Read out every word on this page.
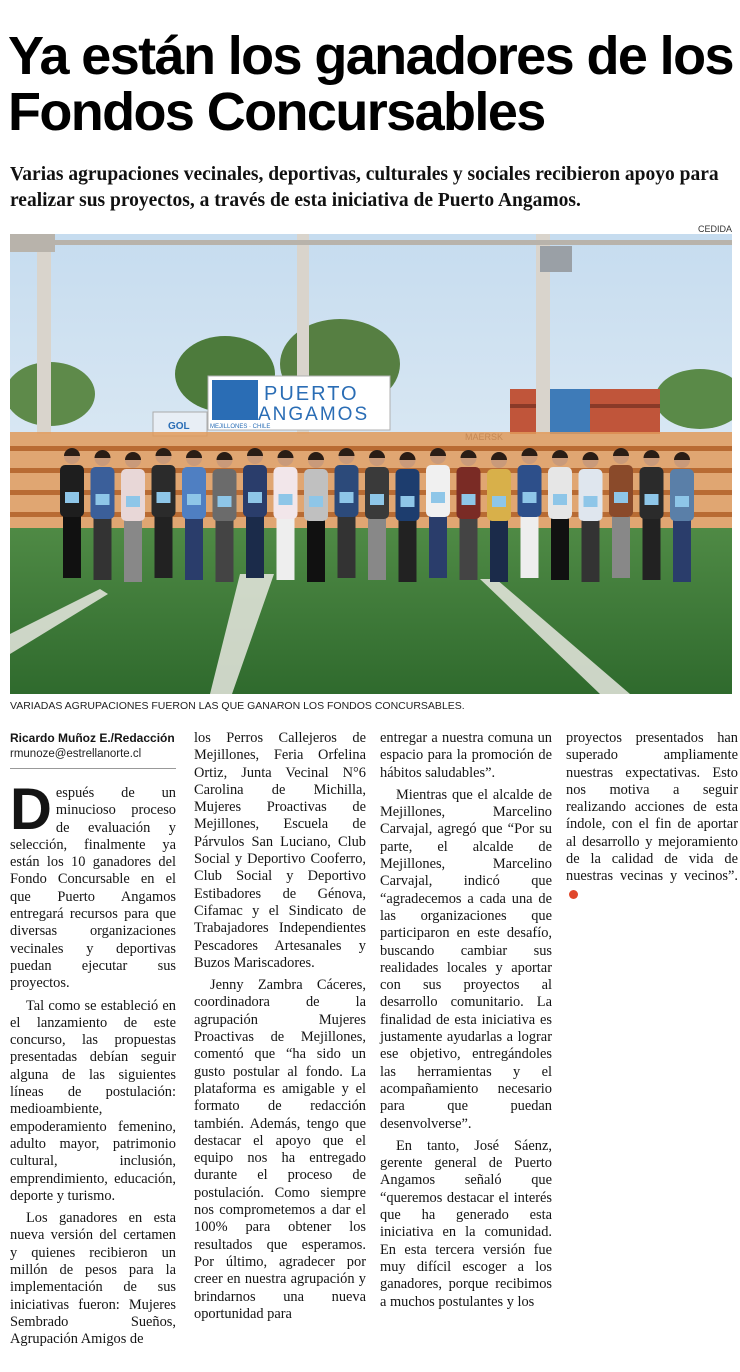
Ya están los ganadores de los Fondos Concursables

Varias agrupaciones vecinales, deportivas, culturales y sociales recibieron apoyo para realizar sus proyectos, a través de esta iniciativa de Puerto Angamos.

CEDIDA
PUERTO
ANGAMOS
MEJILLONES · CHILE
GOL
VARIADAS AGRUPACIONES FUERON LAS QUE GANARON LOS FONDOS CONCURSABLES.
Ricardo Muñoz E./Redacción
rmunoze@estrellanorte.cl

Después de un minucioso proceso de evaluación y selección, finalmente ya están los 10 ganadores del Fondo Concursable en el que Puerto Angamos entregará recursos para que diversas organizaciones vecinales y deportivas puedan ejecutar sus proyectos.

Tal como se estableció en el lanzamiento de este concurso, las propuestas presentadas debían seguir alguna de las siguientes líneas de postulación: medioambiente, empoderamiento femenino, adulto mayor, patrimonio cultural, inclusión, emprendimiento, educación, deporte y turismo.

Los ganadores en esta nueva versión del certamen y quienes recibieron un millón de pesos para la implementación de sus iniciativas fueron: Mujeres Sembrado Sueños, Agrupación Amigos de

los Perros Callejeros de Mejillones, Feria Orfelina Ortiz, Junta Vecinal N°6 Carolina de Michilla, Mujeres Proactivas de Mejillones, Escuela de Párvulos San Luciano, Club Social y Deportivo Cooferro, Club Social y Deportivo Estibadores de Génova, Cifamac y el Sindicato de Trabajadores Independientes Pescadores Artesanales y Buzos Mariscadores.

Jenny Zambra Cáceres, coordinadora de la agrupación Mujeres Proactivas de Mejillones, comentó que “ha sido un gusto postular al fondo. La plataforma es amigable y el formato de redacción también. Además, tengo que destacar el apoyo que el equipo nos ha entregado durante el proceso de postulación. Como siempre nos comprometemos a dar el 100% para obtener los resultados que esperamos. Por último, agradecer por creer en nuestra agrupación y brindarnos una nueva oportunidad para

entregar a nuestra comuna un espacio para la promoción de hábitos saludables”.

Mientras que el alcalde de Mejillones, Marcelino Carvajal, agregó que “Por su parte, el alcalde de Mejillones, Marcelino Carvajal, indicó que “agradecemos a cada una de las organizaciones que participaron en este desafío, buscando cambiar sus realidades locales y aportar con sus proyectos al desarrollo comunitario. La finalidad de esta iniciativa es justamente ayudarlas a lograr ese objetivo, entregándoles las herramientas y el acompañamiento necesario para que puedan desenvolverse”.

En tanto, José Sáenz, gerente general de Puerto Angamos señaló que “queremos destacar el interés que ha generado esta iniciativa en la comunidad. En esta tercera versión fue muy difícil escoger a los ganadores, porque recibimos a muchos postulantes y los

proyectos presentados han superado ampliamente nuestras expectativas. Esto nos motiva a seguir realizando acciones de esta índole, con el fin de aportar al desarrollo y mejoramiento de la calidad de vida de nuestras vecinas y vecinos”.
